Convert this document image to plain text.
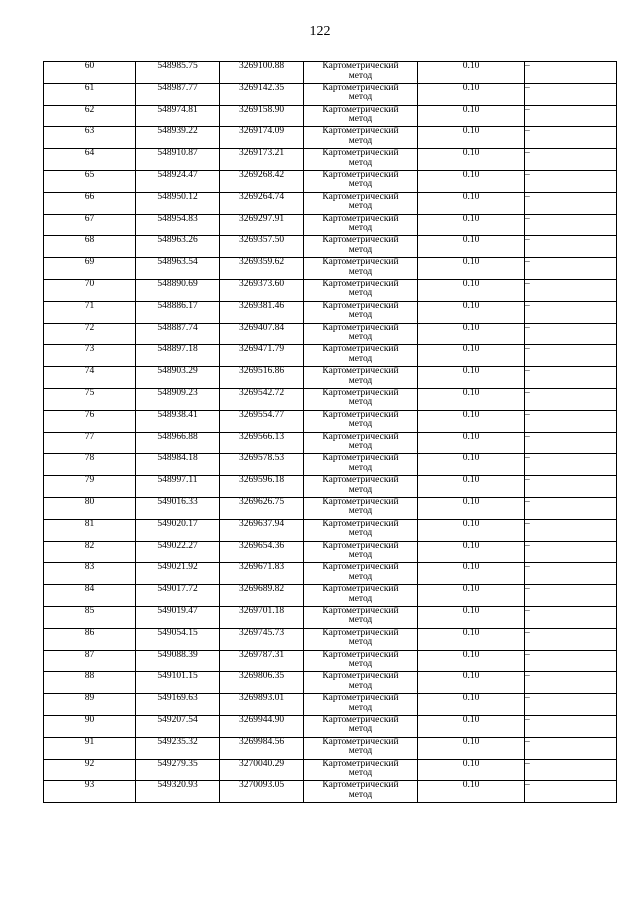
122
60	548985.75	3269100.88	Картометрический
метод	0.10	–
61	548987.77	3269142.35	Картометрический
метод	0.10	–
62	548974.81	3269158.90	Картометрический
метод	0.10	–
63	548939.22	3269174.09	Картометрический
метод	0.10	–
64	548910.87	3269173.21	Картометрический
метод	0.10	–
65	548924.47	3269268.42	Картометрический
метод	0.10	–
66	548950.12	3269264.74	Картометрический
метод	0.10	–
67	548954.83	3269297.91	Картометрический
метод	0.10	–
68	548963.26	3269357.50	Картометрический
метод	0.10	–
69	548963.54	3269359.62	Картометрический
метод	0.10	–
70	548890.69	3269373.60	Картометрический
метод	0.10	–
71	548886.17	3269381.46	Картометрический
метод	0.10	–
72	548887.74	3269407.84	Картометрический
метод	0.10	–
73	548897.18	3269471.79	Картометрический
метод	0.10	–
74	548903.29	3269516.86	Картометрический
метод	0.10	–
75	548909.23	3269542.72	Картометрический
метод	0.10	–
76	548938.41	3269554.77	Картометрический
метод	0.10	–
77	548966.88	3269566.13	Картометрический
метод	0.10	–
78	548984.18	3269578.53	Картометрический
метод	0.10	–
79	548997.11	3269596.18	Картометрический
метод	0.10	–
80	549016.33	3269626.75	Картометрический
метод	0.10	–
81	549020.17	3269637.94	Картометрический
метод	0.10	–
82	549022.27	3269654.36	Картометрический
метод	0.10	–
83	549021.92	3269671.83	Картометрический
метод	0.10	–
84	549017.72	3269689.82	Картометрический
метод	0.10	–
85	549019.47	3269701.18	Картометрический
метод	0.10	–
86	549054.15	3269745.73	Картометрический
метод	0.10	–
87	549088.39	3269787.31	Картометрический
метод	0.10	–
88	549101.15	3269806.35	Картометрический
метод	0.10	–
89	549169.63	3269893.01	Картометрический
метод	0.10	–
90	549207.54	3269944.90	Картометрический
метод	0.10	–
91	549235.32	3269984.56	Картометрический
метод	0.10	–
92	549279.35	3270040.29	Картометрический
метод	0.10	–
93	549320.93	3270093.05	Картометрический
метод	0.10	–
